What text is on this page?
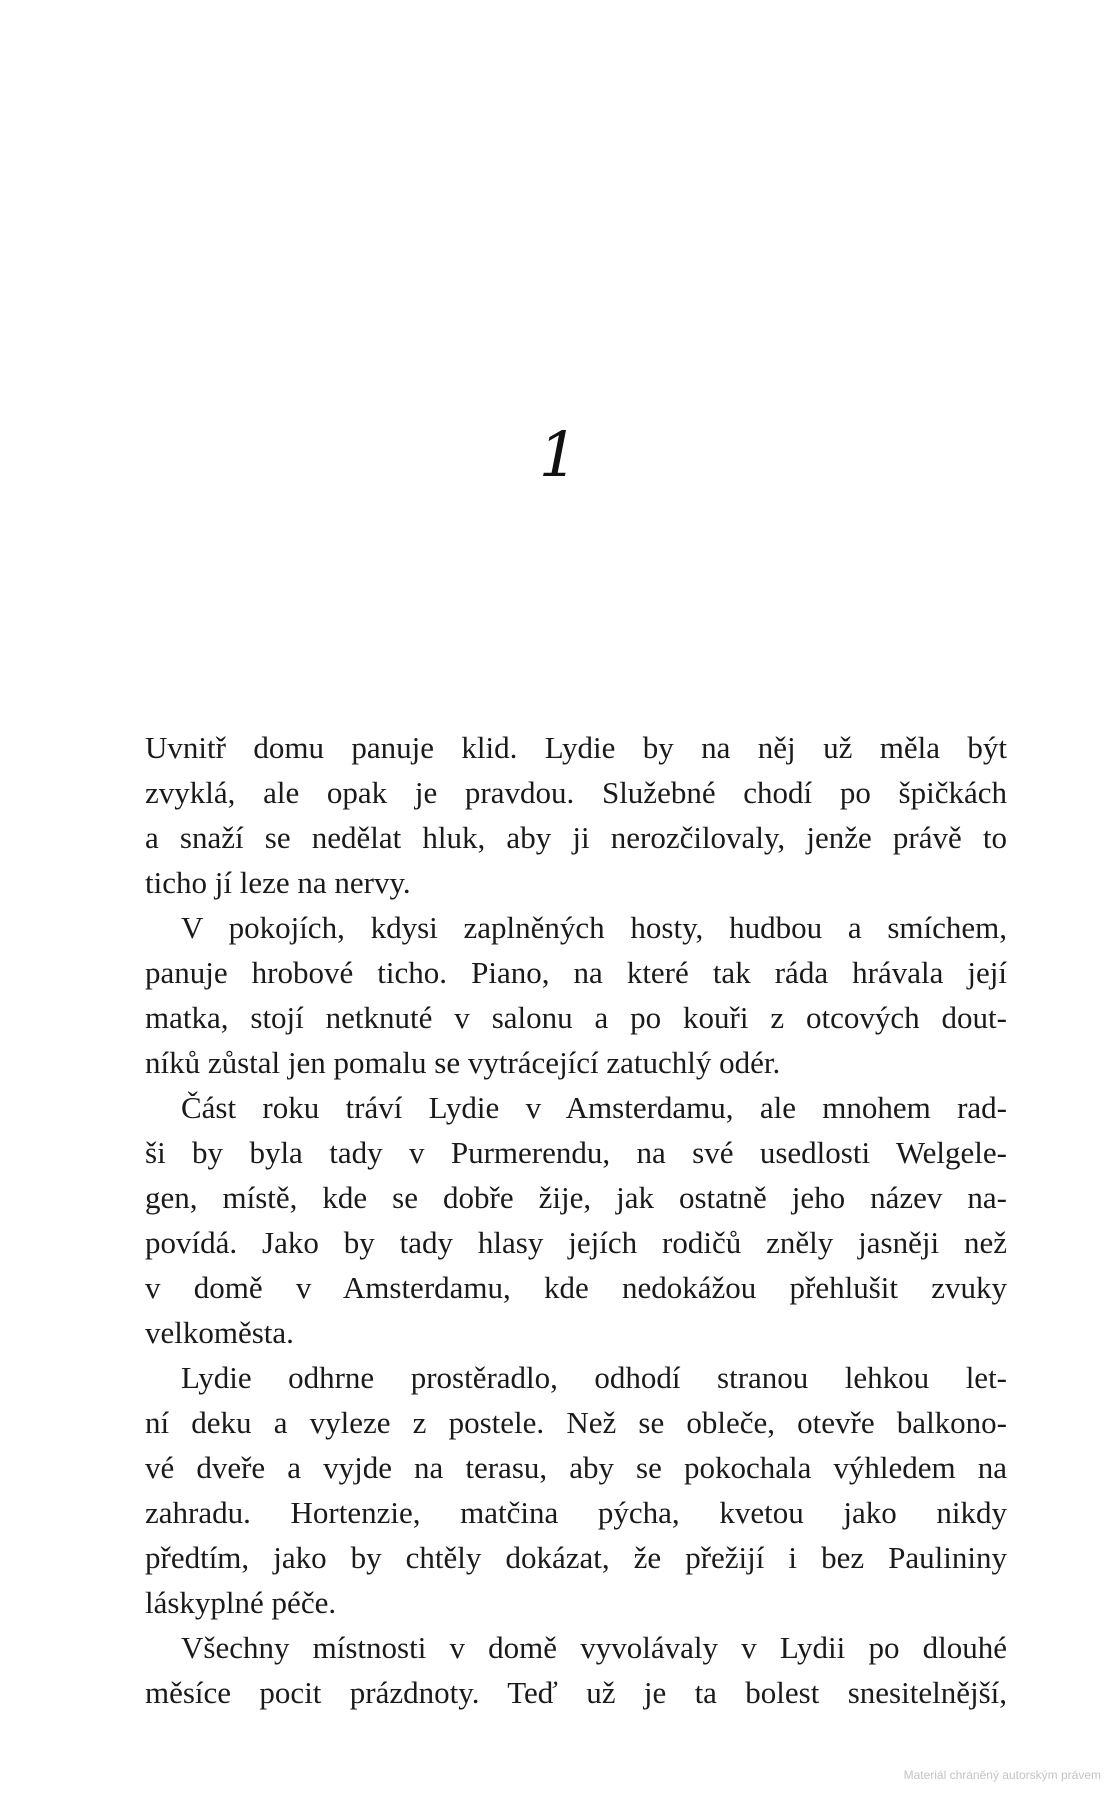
1
Uvnitř domu panuje klid. Lydie by na něj už měla být
zvyklá, ale opak je pravdou. Služebné chodí po špičkách
a snaží se nedělat hluk, aby ji nerozčilovaly, jenže právě to
ticho jí leze na nervy.
V pokojích, kdysi zaplněných hosty, hudbou a smíchem,
panuje hrobové ticho. Piano, na které tak ráda hrávala její
matka, stojí netknuté v salonu a po kouři z otcových dout-
níků zůstal jen pomalu se vytrácející zatuchlý odér.
Část roku tráví Lydie v Amsterdamu, ale mnohem rad-
ši by byla tady v Purmerendu, na své usedlosti Welgele-
gen, místě, kde se dobře žije, jak ostatně jeho název na-
povídá. Jako by tady hlasy jejích rodičů zněly jasněji než
v domě v Amsterdamu, kde nedokážou přehlušit zvuky
velkoměsta.
Lydie odhrne prostěradlo, odhodí stranou lehkou let-
ní deku a vyleze z postele. Než se obleče, otevře balkono-
vé dveře a vyjde na terasu, aby se pokochala výhledem na
zahradu. Hortenzie, matčina pýcha, kvetou jako nikdy
předtím, jako by chtěly dokázat, že přežijí i bez Paulininy
láskyplné péče.
Všechny místnosti v domě vyvolávaly v Lydii po dlouhé
měsíce pocit prázdnoty. Teď už je ta bolest snesitelnější,
Materiál chráněný autorským právem
